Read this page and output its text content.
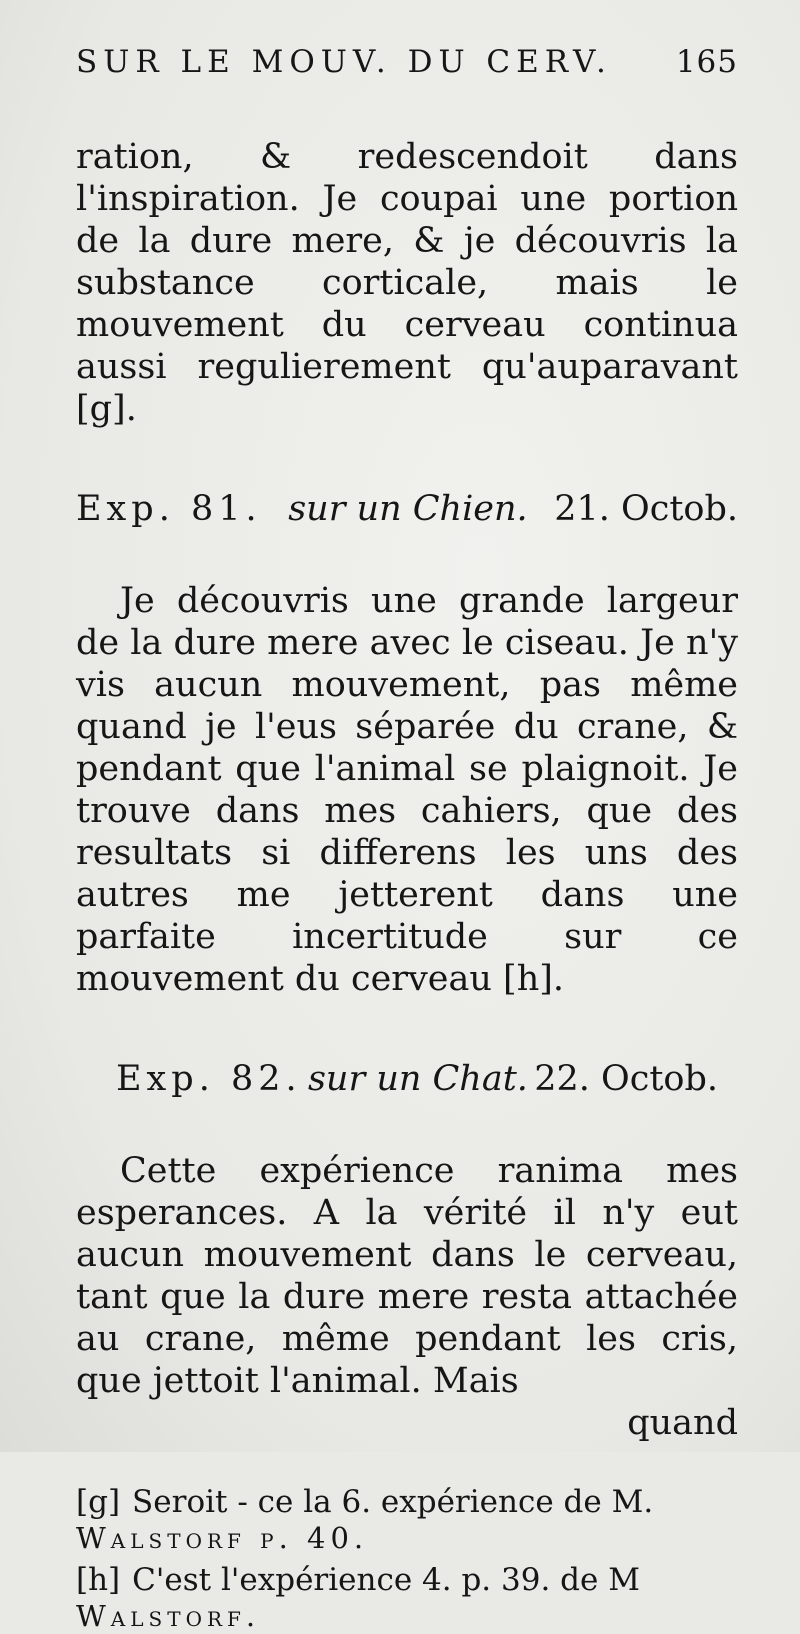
SUR LE MOUV. DU CERV. 165

ration, & redescendoit dans l'inspiration. Je coupai une portion de la dure mere, & je découvris la substance corticale, mais le mouvement du cerveau continua aussi regulierement qu'auparavant [g].

Exp. 81. sur un Chien. 21. Octob.

Je découvris une grande largeur de la dure mere avec le ciseau. Je n'y vis aucun mouvement, pas même quand je l'eus séparée du crane, & pendant que l'animal se plaignoit. Je trouve dans mes cahiers, que des resultats si differens les uns des autres me jetterent dans une parfaite incertitude sur ce mouvement du cerveau [h].

Exp. 82. sur un Chat. 22. Octob.

Cette expérience ranima mes esperances. A la vérité il n'y eut aucun mouvement dans le cerveau, tant que la dure mere resta attachée au crane, même pendant les cris, que jettoit l'animal. Mais

quand

[g] Seroit - ce la 6. expérience de M.
Walstorf p. 40.

[h] C'est l'expérience 4. p. 39. de M
Walstorf.
